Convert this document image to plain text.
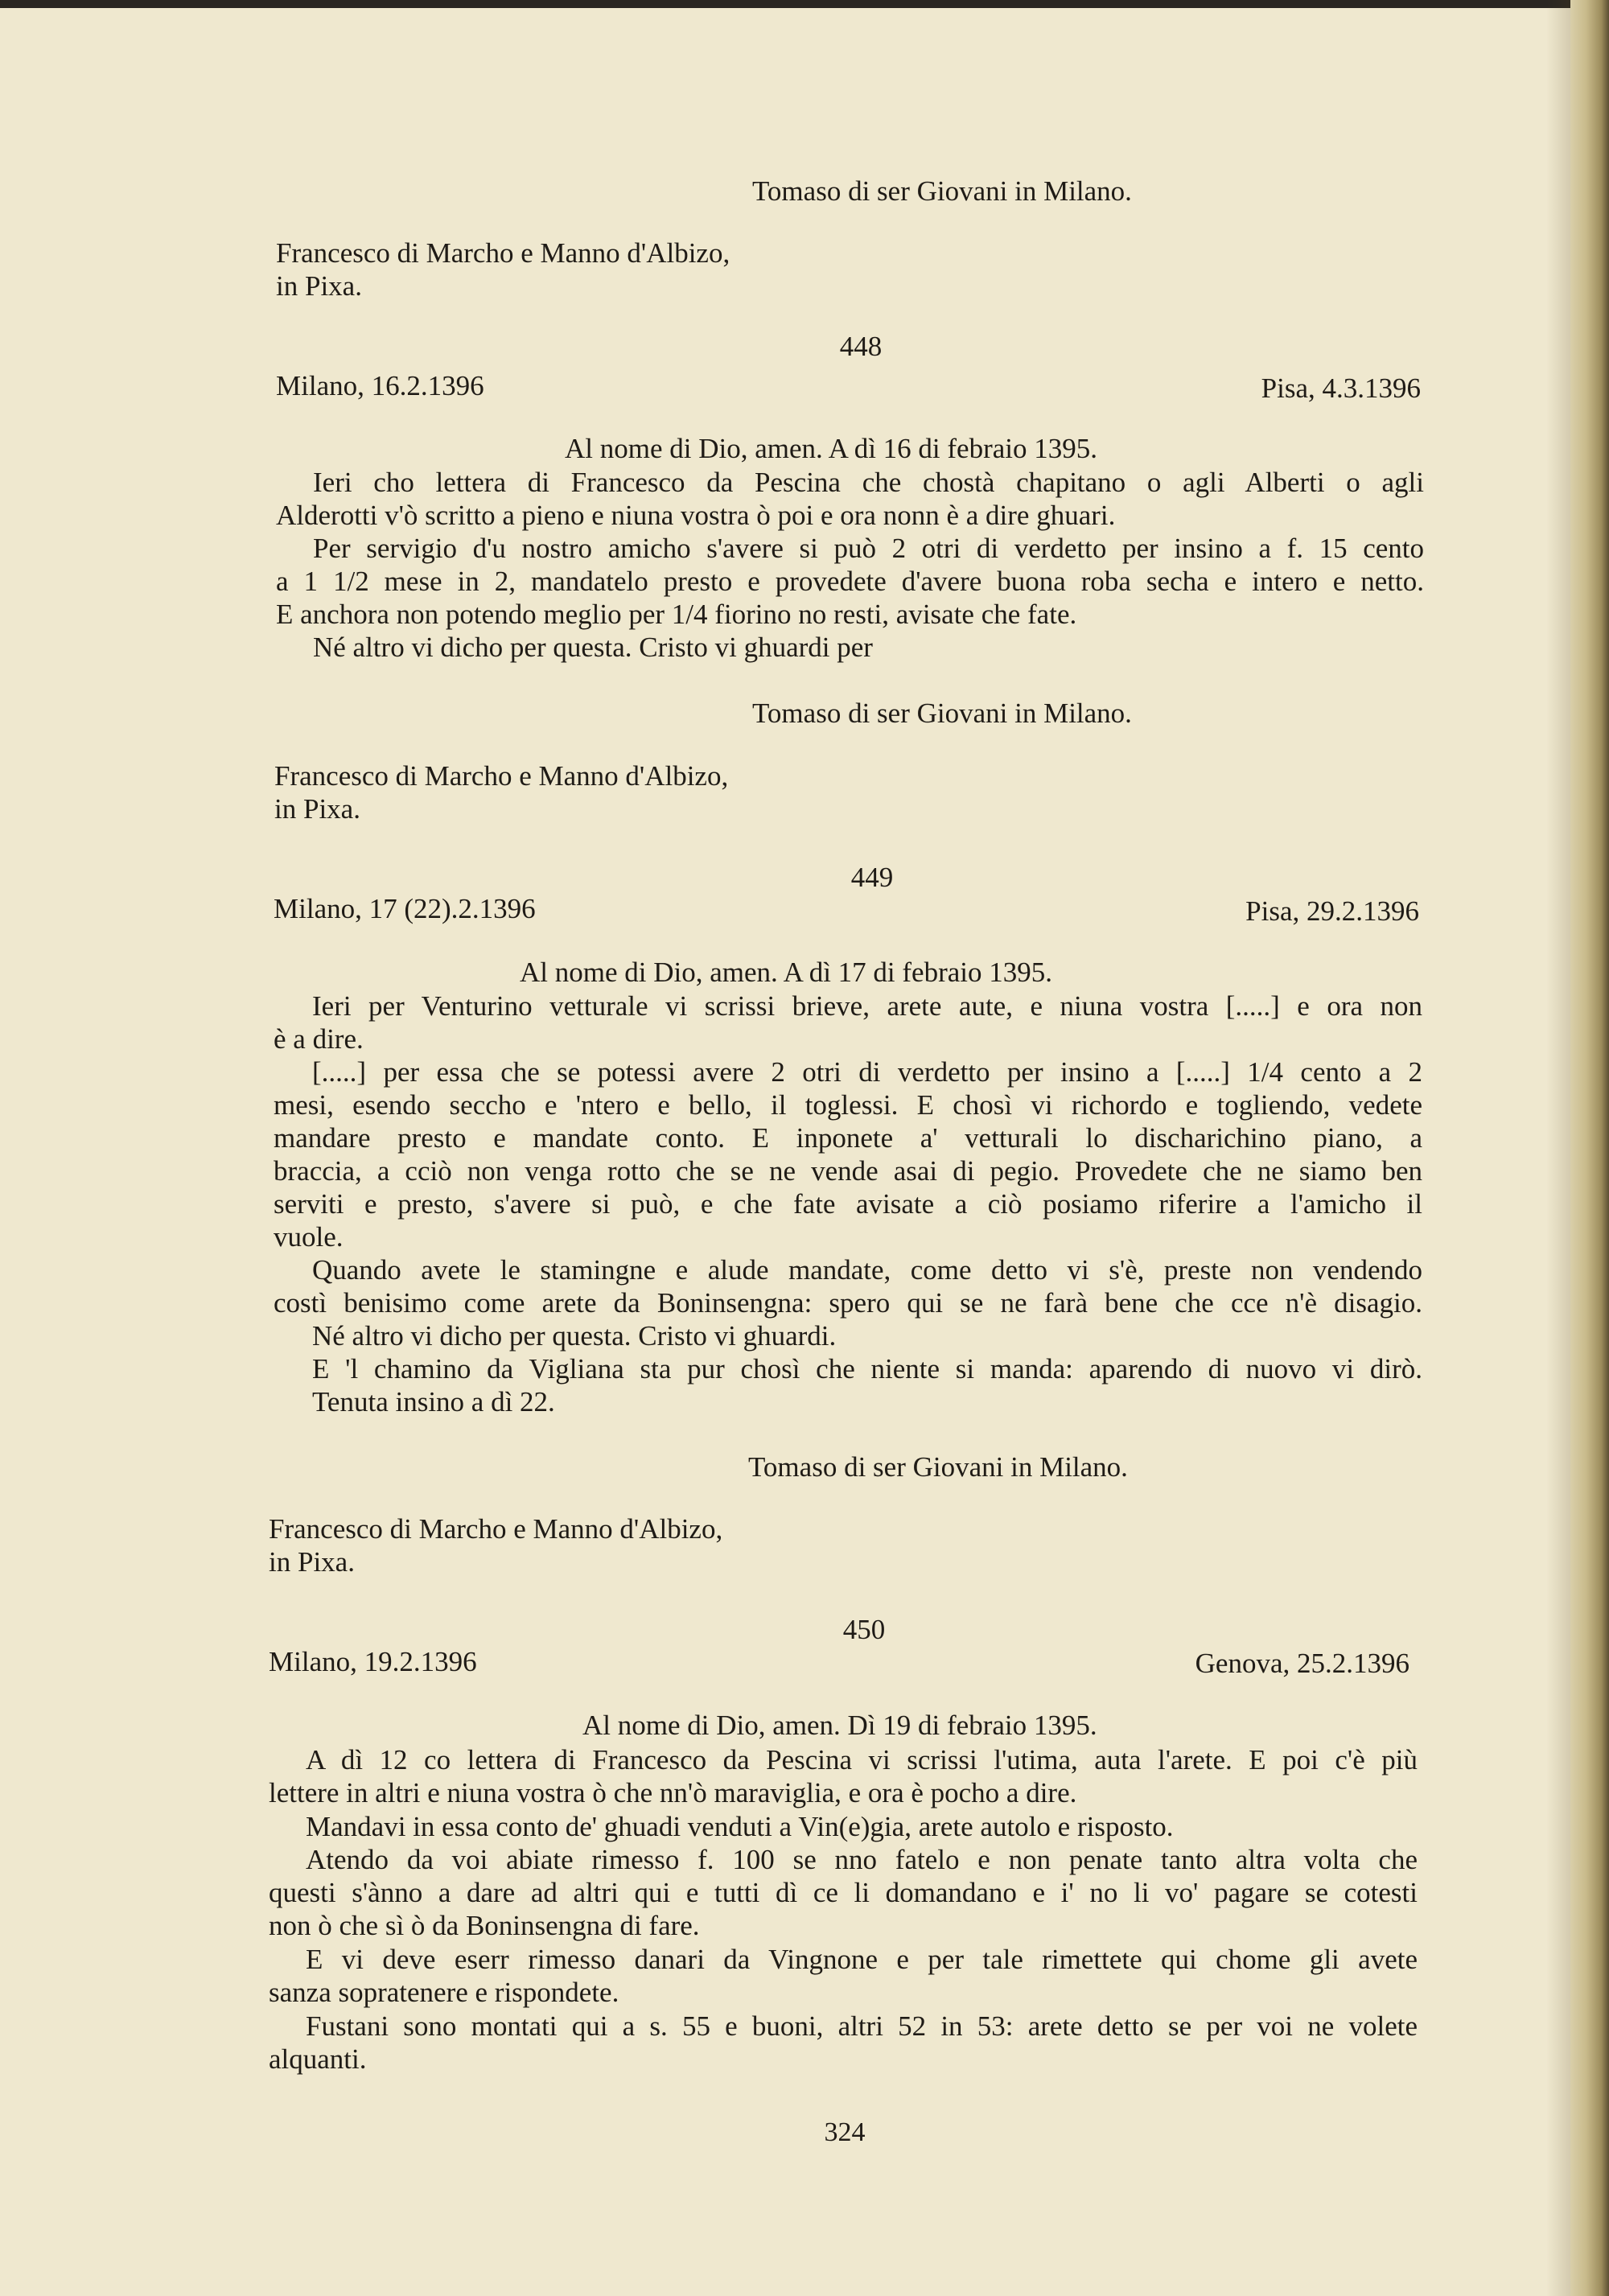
Tomaso di ser Giovani in Milano.
Francesco di Marcho e Manno d'Albizo,
in Pixa.
448
Milano, 16.2.1396	Pisa, 4.3.1396
Al nome di Dio, amen. A dì 16 di febraio 1395.
Ieri cho lettera di Francesco da Pescina che chostà chapitano o agli Alberti o agli
Alderotti v'ò scritto a pieno e niuna vostra ò poi e ora nonn è a dire ghuari.
Per servigio d'u nostro amicho s'avere si può 2 otri di verdetto per insino a f. 15 cento
a 1 1/2 mese in 2, mandatelo presto e provedete d'avere buona roba secha e intero e netto.
E anchora non potendo meglio per 1/4 fiorino no resti, avisate che fate.
Né altro vi dicho per questa. Cristo vi ghuardi per
Tomaso di ser Giovani in Milano.
Francesco di Marcho e Manno d'Albizo,
in Pixa.
449
Milano, 17 (22).2.1396	Pisa, 29.2.1396
Al nome di Dio, amen. A dì 17 di febraio 1395.
Ieri per Venturino vetturale vi scrissi brieve, arete aute, e niuna vostra [.....] e ora non
è a dire.
[.....] per essa che se potessi avere 2 otri di verdetto per insino a [.....] 1/4 cento a 2
mesi, esendo secchо e 'ntero e bello, il toglessi. E chosì vi richordo e togliendo, vedete
mandare presto e mandate conto. E inponete a' vetturali lo discharichino piano, a
braccia, a cciò non venga rotto che se ne vende asai di pegio. Provedete che ne siamo ben
serviti e presto, s'avere si può, e che fate avisate a ciò posiamo riferire a l'amicho il
vuole.
Quando avete le stamingne e alude mandate, come detto vi s'è, preste non vendendo
costì benisimo come arete da Boninsengna: spero qui se ne farà bene che cce n'è disagio.
Né altro vi dicho per questa. Cristo vi ghuardi.
E 'l chamino da Vigliana sta pur chosì che niente si manda: aparendo di nuovo vi dirò.
Tenuta insino a dì 22.
Tomaso di ser Giovani in Milano.
Francesco di Marcho e Manno d'Albizo,
in Pixa.
450
Milano, 19.2.1396	Genova, 25.2.1396
Al nome di Dio, amen. Dì 19 di febraio 1395.
A dì 12 co lettera di Francesco da Pescina vi scrissi l'utima, auta l'arete. E poi c'è più
lettere in altri e niuna vostra ò che nn'ò maraviglia, e ora è pocho a dire.
Mandavi in essa conto de' ghuadi venduti a Vin(e)gia, arete autolo e risposto.
Atendo da voi abiate rimesso f. 100 se nno fatelo e non penate tanto altra volta che
questi s'ànno a dare ad altri qui e tutti dì ce li domandano e i' no li vo' pagare se cotesti
non ò che sì ò da Boninsengna di fare.
E vi deve eserr rimesso danari da Vingnone e per tale rimettete qui chome gli avete
sanza sopratenere e rispondete.
Fustani sono montati qui a s. 55 e buoni, altri 52 in 53: arete detto se per voi ne volete
alquanti.
324
